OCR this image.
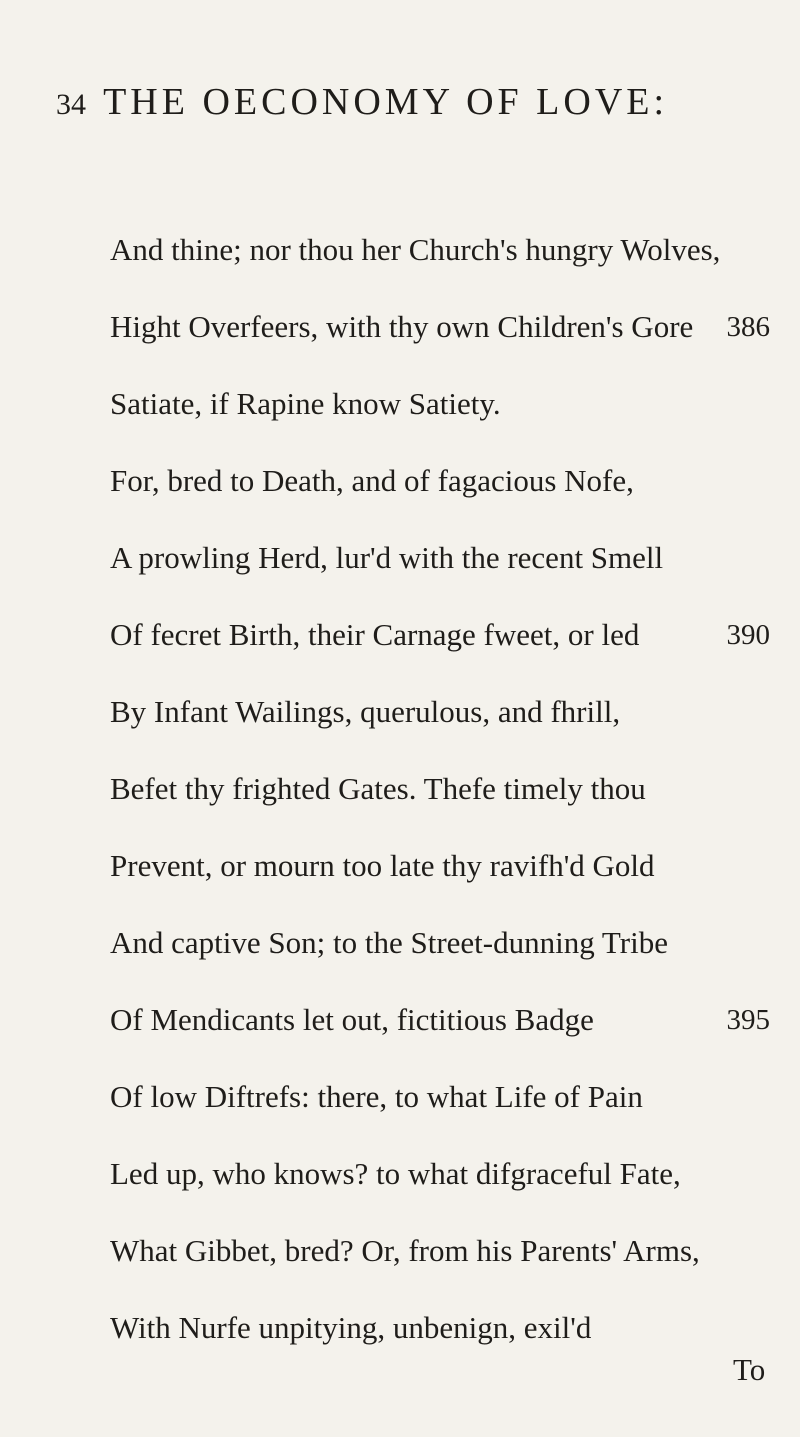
34 THE OECONOMY OF LOVE:
And thine; nor thou her Church's hungry Wolves,
Hight Overfeers, with thy own Children's Gore 386
Satiate, if Rapine know Satiety.
For, bred to Death, and of fagacious Nofe,
A prowling Herd, lur'd with the recent Smell
Of fecret Birth, their Carnage fweet, or led	390
By Infant Wailings, querulous, and fhrill,
Befet thy frighted Gates. Thefe timely thou
Prevent, or mourn too late thy ravifh'd Gold
And captive Son; to the Street-dunning Tribe
Of Mendicants let out, fictitious Badge	395
Of low Diftrefs: there, to what Life of Pain
Led up, who knows? to what difgraceful Fate,
What Gibbet, bred? Or, from his Parents' Arms,
With Nurfe unpitying, unbenign, exil'd
To
